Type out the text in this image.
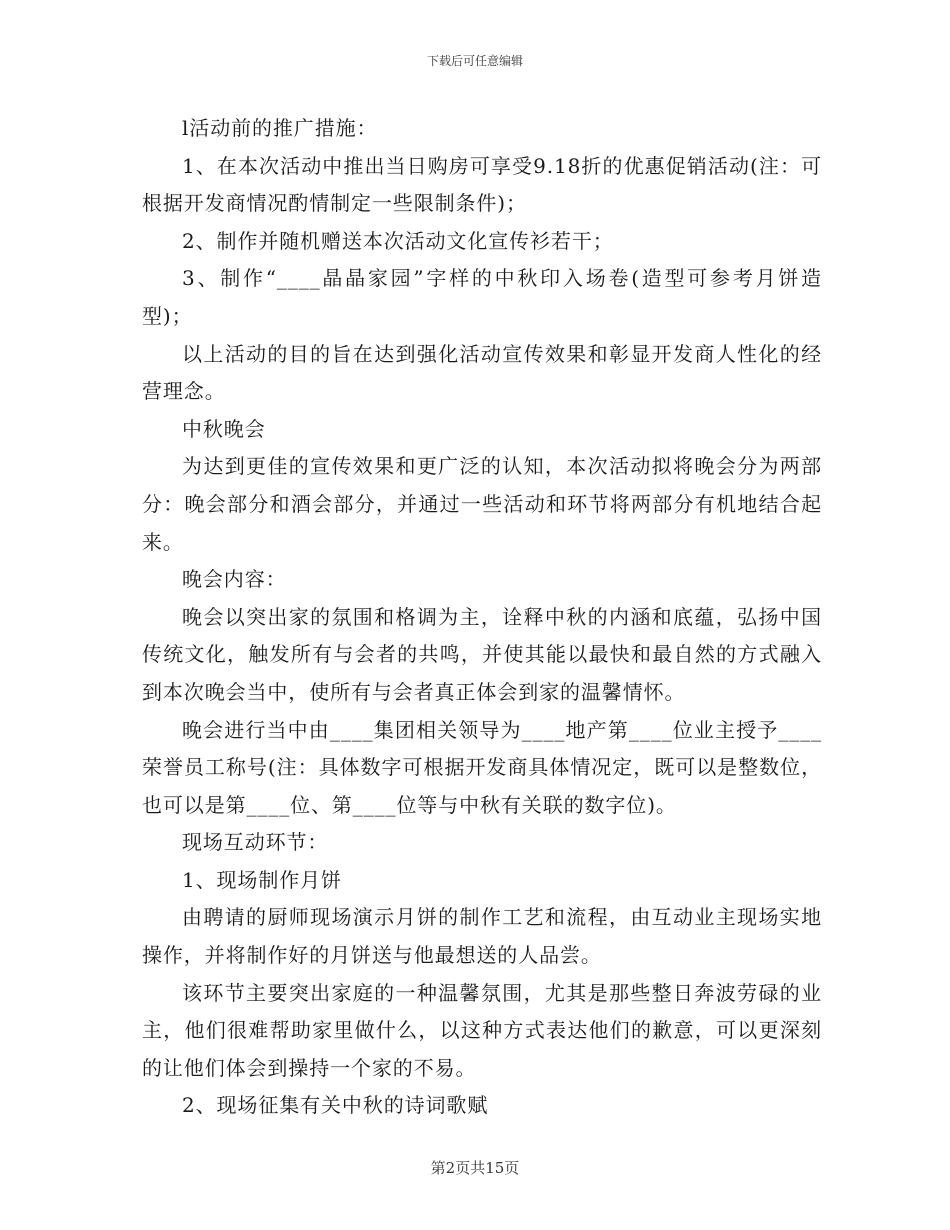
下载后可任意编辑

l活动前的推广措施：

1、在本次活动中推出当日购房可享受9.18折的优惠促销活动(注：可根据开发商情况酌情制定一些限制条件)；

2、制作并随机赠送本次活动文化宣传衫若干；

3、制作“____晶晶家园”字样的中秋印入场卷(造型可参考月饼造型)；

以上活动的目的旨在达到强化活动宣传效果和彰显开发商人性化的经营理念。

中秋晚会

为达到更佳的宣传效果和更广泛的认知，本次活动拟将晚会分为两部分：晚会部分和酒会部分，并通过一些活动和环节将两部分有机地结合起来。

晚会内容：

晚会以突出家的氛围和格调为主，诠释中秋的内涵和底蕴，弘扬中国传统文化，触发所有与会者的共鸣，并使其能以最快和最自然的方式融入到本次晚会当中，使所有与会者真正体会到家的温馨情怀。

晚会进行当中由____集团相关领导为____地产第____位业主授予____荣誉员工称号(注：具体数字可根据开发商具体情况定，既可以是整数位，也可以是第____位、第____位等与中秋有关联的数字位)。

现场互动环节：

1、现场制作月饼

由聘请的厨师现场演示月饼的制作工艺和流程，由互动业主现场实地操作，并将制作好的月饼送与他最想送的人品尝。

该环节主要突出家庭的一种温馨氛围，尤其是那些整日奔波劳碌的业主，他们很难帮助家里做什么，以这种方式表达他们的歉意，可以更深刻的让他们体会到操持一个家的不易。

2、现场征集有关中秋的诗词歌赋

第2页共15页
